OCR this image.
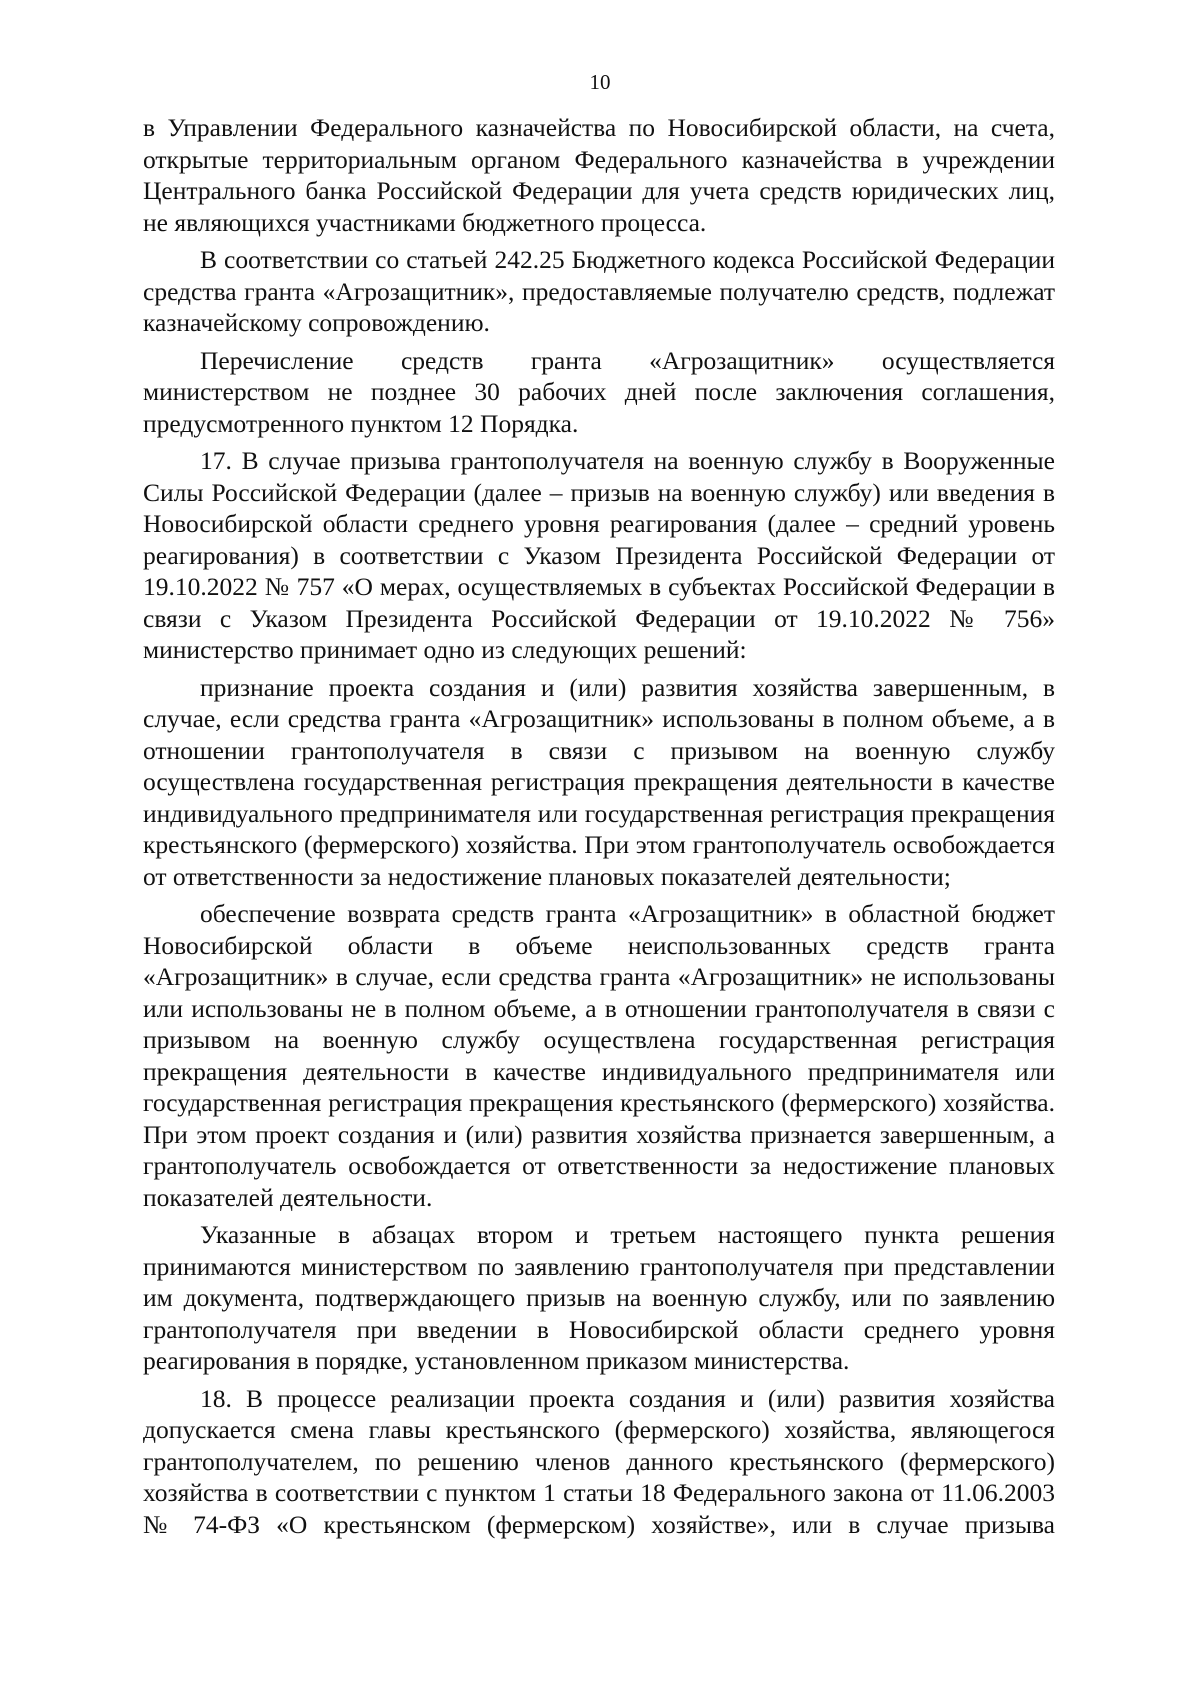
10

в Управлении Федерального казначейства по Новосибирской области, на счета, открытые территориальным органом Федерального казначейства в учреждении Центрального банка Российской Федерации для учета средств юридических лиц, не являющихся участниками бюджетного процесса.

В соответствии со статьей 242.25 Бюджетного кодекса Российской Федерации средства гранта «Агрозащитник», предоставляемые получателю средств, подлежат казначейскому сопровождению.

Перечисление средств гранта «Агрозащитник» осуществляется министерством не позднее 30 рабочих дней после заключения соглашения, предусмотренного пунктом 12 Порядка.

17. В случае призыва грантополучателя на военную службу в Вооруженные Силы Российской Федерации (далее – призыв на военную службу) или введения в Новосибирской области среднего уровня реагирования (далее – средний уровень реагирования) в соответствии с Указом Президента Российской Федерации от 19.10.2022 № 757 «О мерах, осуществляемых в субъектах Российской Федерации в связи с Указом Президента Российской Федерации от 19.10.2022 № 756» министерство принимает одно из следующих решений:

признание проекта создания и (или) развития хозяйства завершенным, в случае, если средства гранта «Агрозащитник» использованы в полном объеме, а в отношении грантополучателя в связи с призывом на военную службу осуществлена государственная регистрация прекращения деятельности в качестве индивидуального предпринимателя или государственная регистрация прекращения крестьянского (фермерского) хозяйства. При этом грантополучатель освобождается от ответственности за недостижение плановых показателей деятельности;

обеспечение возврата средств гранта «Агрозащитник» в областной бюджет Новосибирской области в объеме неиспользованных средств гранта «Агрозащитник» в случае, если средства гранта «Агрозащитник» не использованы или использованы не в полном объеме, а в отношении грантополучателя в связи с призывом на военную службу осуществлена государственная регистрация прекращения деятельности в качестве индивидуального предпринимателя или государственная регистрация прекращения крестьянского (фермерского) хозяйства. При этом проект создания и (или) развития хозяйства признается завершенным, а грантополучатель освобождается от ответственности за недостижение плановых показателей деятельности.

Указанные в абзацах втором и третьем настоящего пункта решения принимаются министерством по заявлению грантополучателя при представлении им документа, подтверждающего призыв на военную службу, или по заявлению грантополучателя при введении в Новосибирской области среднего уровня реагирования в порядке, установленном приказом министерства.

18. В процессе реализации проекта создания и (или) развития хозяйства допускается смена главы крестьянского (фермерского) хозяйства, являющегося грантополучателем, по решению членов данного крестьянского (фермерского) хозяйства в соответствии с пунктом 1 статьи 18 Федерального закона от 11.06.2003 № 74-ФЗ «О крестьянском (фермерском) хозяйстве», или в случае призыва
